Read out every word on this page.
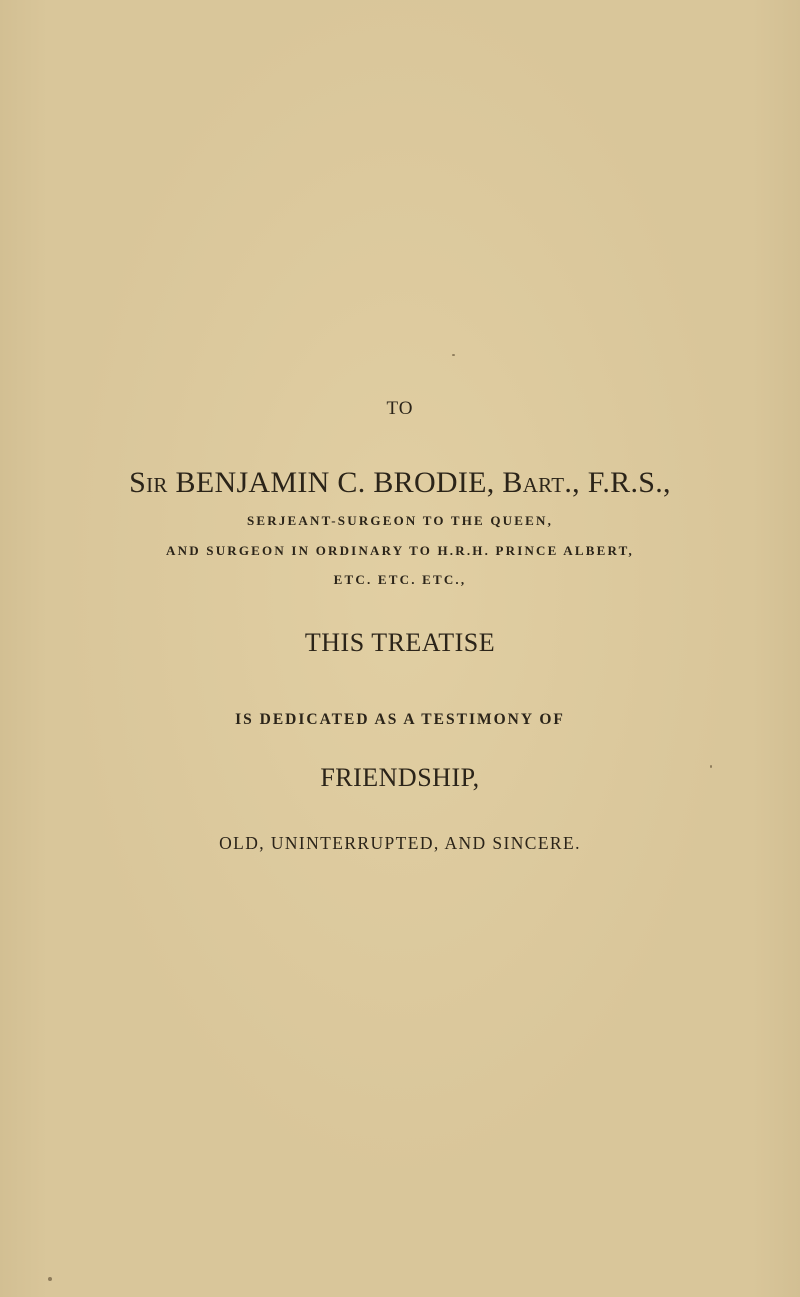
TO
SIR BENJAMIN C. BRODIE, BART., F.R.S.,
SERJEANT-SURGEON TO THE QUEEN,
AND SURGEON IN ORDINARY TO H.R.H. PRINCE ALBERT,
ETC. ETC. ETC.,
THIS TREATISE
IS DEDICATED AS A TESTIMONY OF
FRIENDSHIP,
OLD, UNINTERRUPTED, AND SINCERE.
